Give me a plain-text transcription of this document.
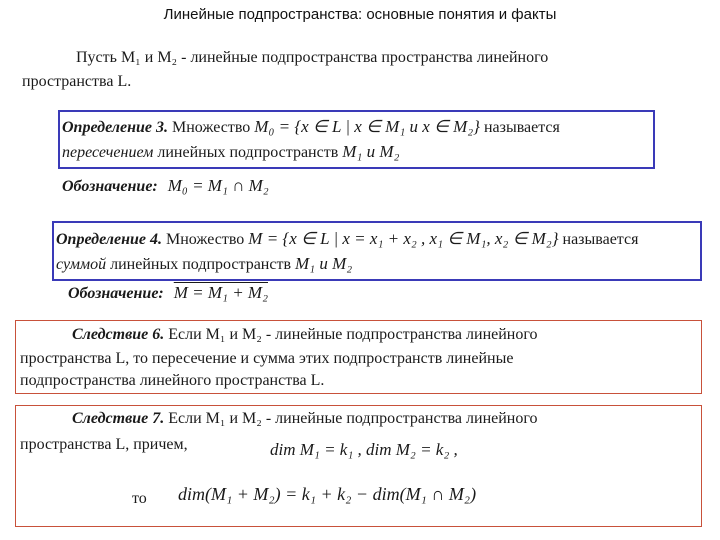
Линейные подпространства: основные понятия и факты
Пусть M₁ и M₂ - линейные подпространства пространства линейного
пространства L.
Определение 3. Множество M₀ = {x ∈ L | x ∈ M₁ и x ∈ M₂} называется
пересечением линейных подпространств M₁ и M₂
Обозначение: M₀ = M₁ ∩ M₂
Определение 4. Множество M = {x ∈ L | x = x₁ + x₂ , x₁ ∈ M₁, x₂ ∈ M₂} называется
суммой линейных подпространств M₁ и M₂
Обозначение: M = M₁ + M₂
Следствие 6. Если M₁ и M₂ - линейные подпространства линейного
пространства L, то пересечение и сумма этих подпространств линейные
подпространства линейного пространства L.
Следствие 7. Если M₁ и M₂ - линейные подпространства линейного
пространства L, причем,	dim M₁ = k₁ , dim M₂ = k₂ ,
то dim(M₁ + M₂) = k₁ + k₂ − dim(M₁ ∩ M₂)
